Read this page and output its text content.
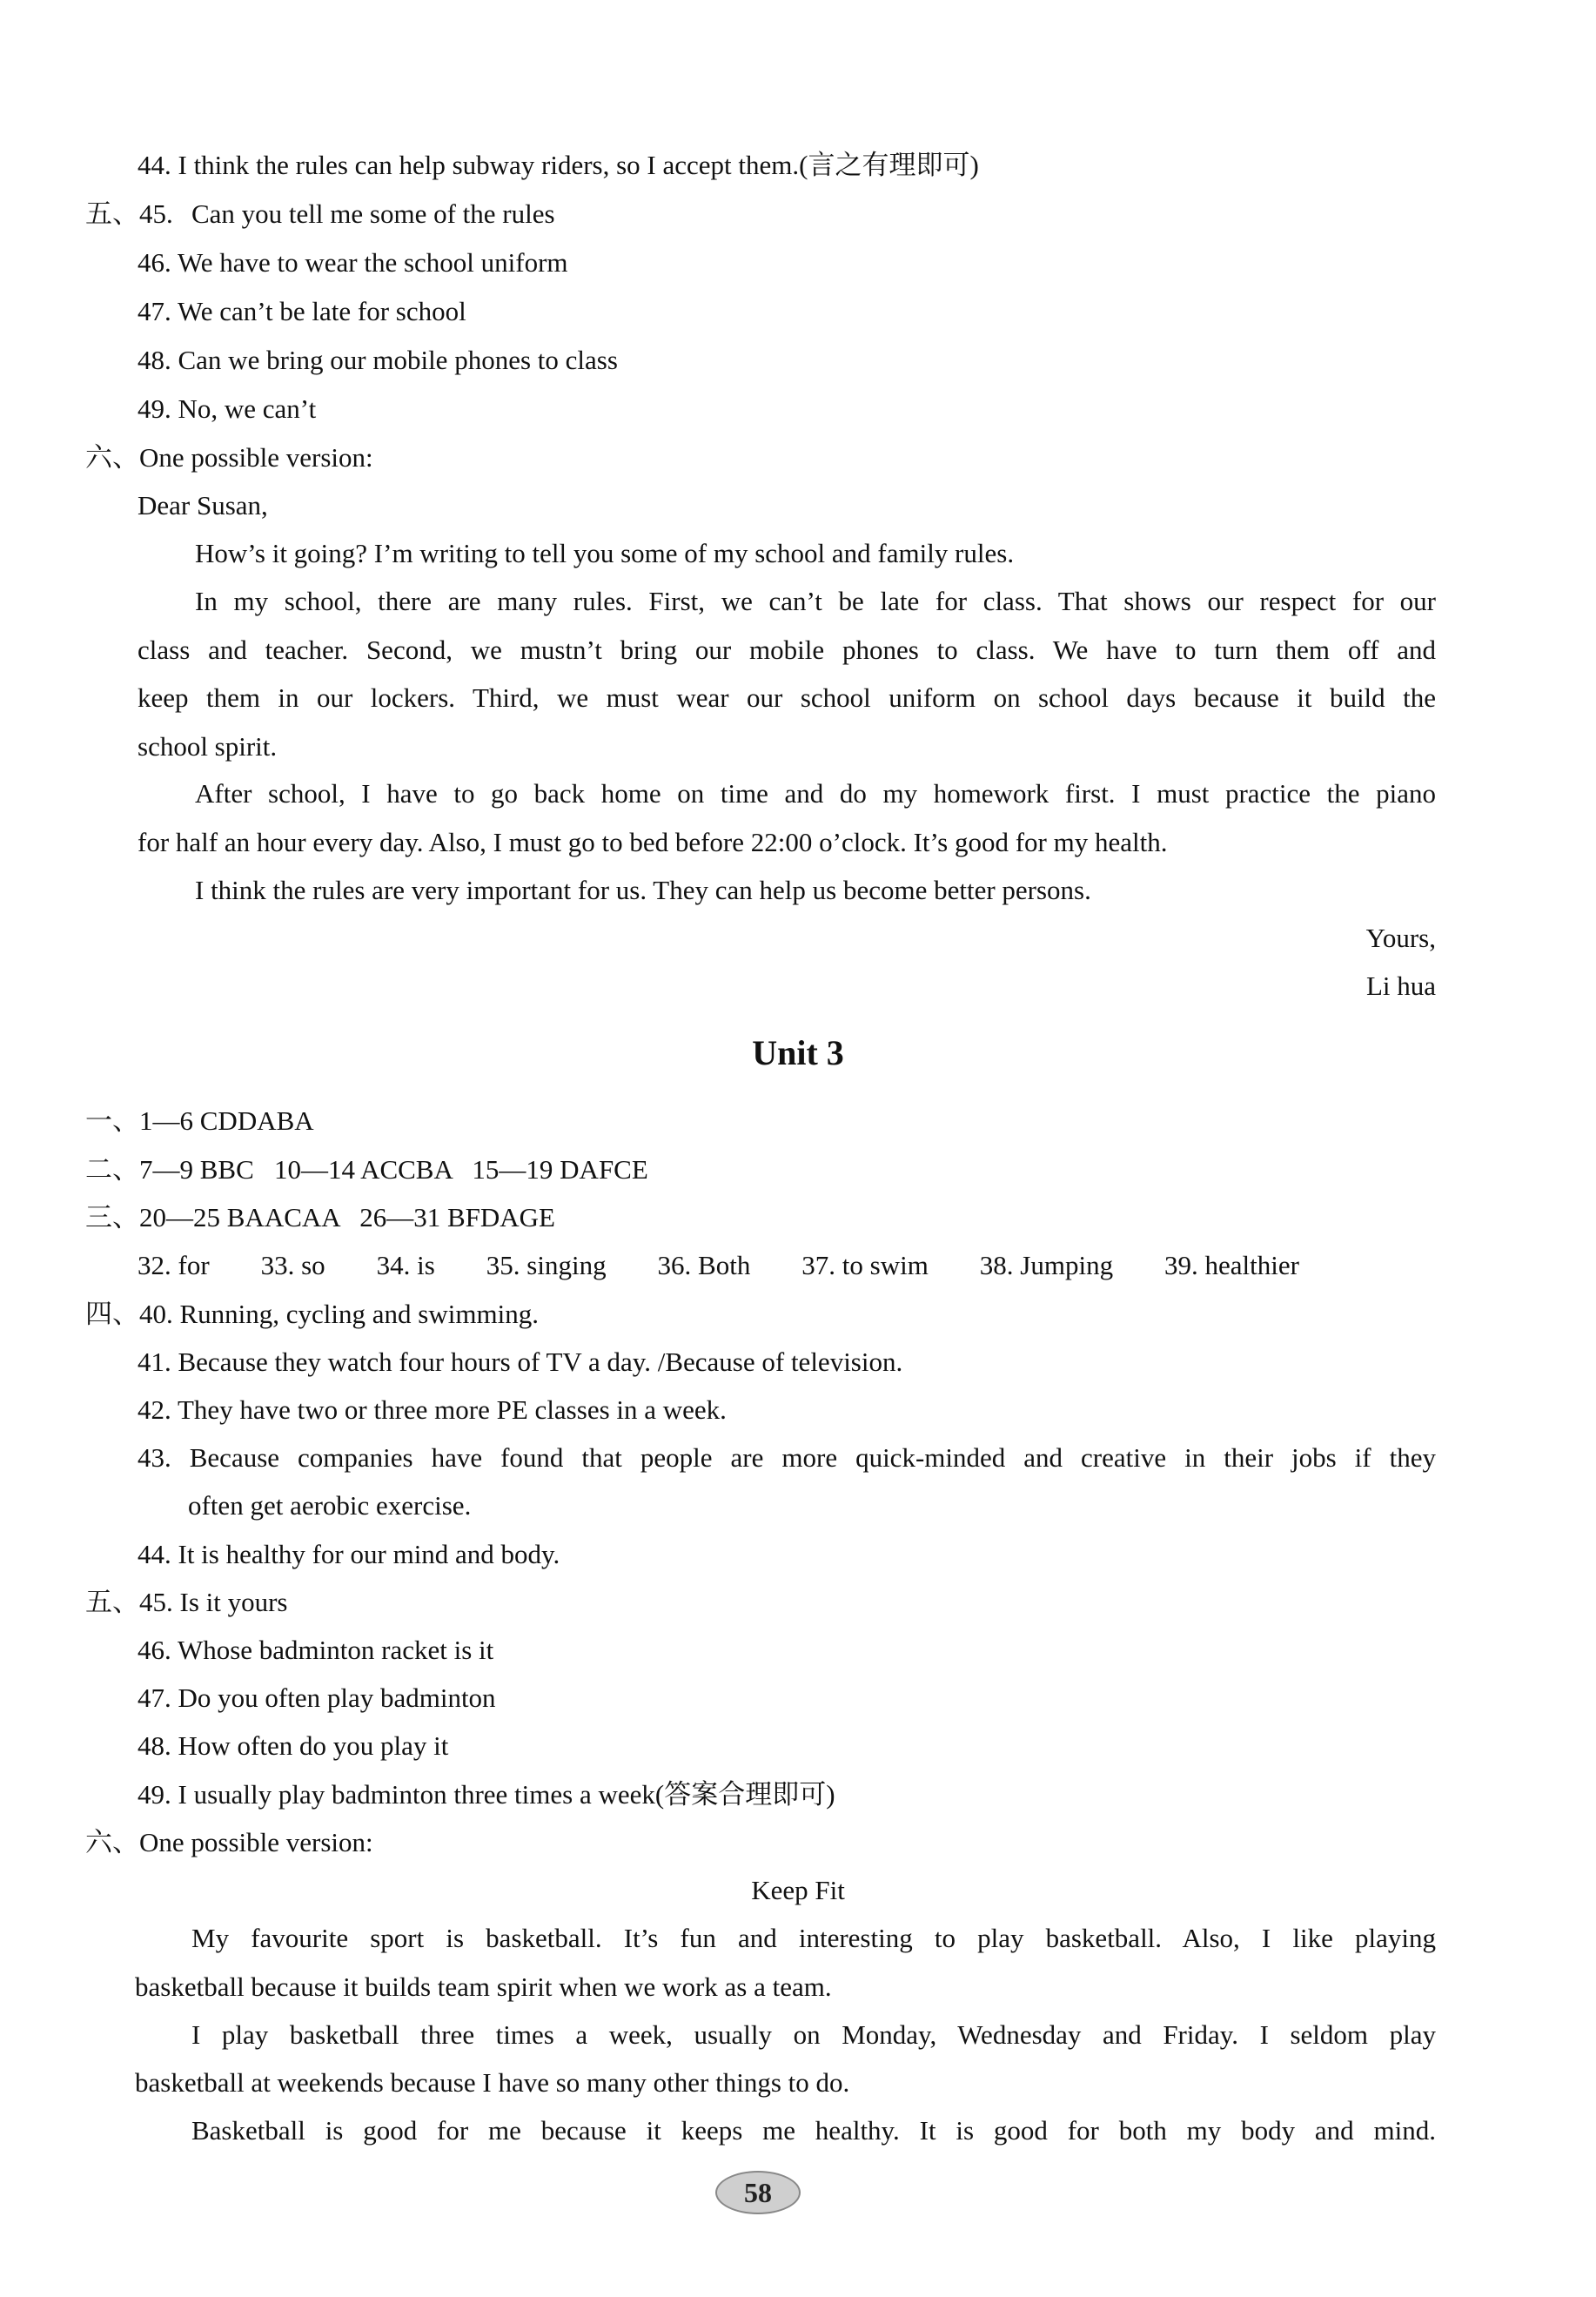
44. I think the rules can help subway riders, so I accept them.(言之有理即可)
五、45. Can you tell me some of the rules
46. We have to wear the school uniform
47. We can’t be late for school
48. Can we bring our mobile phones to class
49. No, we can’t
六、One possible version:
Dear Susan,
How’s it going? I’m writing to tell you some of my school and family rules.
In my school, there are many rules. First, we can’t be late for class. That shows our respect for our
class and teacher. Second, we mustn’t bring our mobile phones to class. We have to turn them off and
keep them in our lockers. Third, we must wear our school uniform on school days because it build the
school spirit.
After school, I have to go back home on time and do my homework first. I must practice the piano
for half an hour every day. Also, I must go to bed before 22:00 o’clock. It’s good for my health.
I think the rules are very important for us. They can help us become better persons.
Yours,
Li hua
Unit 3
一、1—6 CDDABA
二、7—9 BBC   10—14 ACCBA   15—19 DAFCE
三、20—25 BAACAA   26—31 BFDAGE
32. for 33. so 34. is 35. singing 36. Both 37. to swim 38. Jumping 39. healthier
四、40. Running, cycling and swimming.
41. Because they watch four hours of TV a day. /Because of television.
42. They have two or three more PE classes in a week.
43. Because companies have found that people are more quick-minded and creative in their jobs if they
often get aerobic exercise.
44. It is healthy for our mind and body.
五、45. Is it yours
46. Whose badminton racket is it
47. Do you often play badminton
48. How often do you play it
49. I usually play badminton three times a week(答案合理即可)
六、One possible version:
Keep Fit
My favourite sport is basketball. It’s fun and interesting to play basketball. Also, I like playing
basketball because it builds team spirit when we work as a team.
I play basketball three times a week, usually on Monday, Wednesday and Friday. I seldom play
basketball at weekends because I have so many other things to do.
Basketball is good for me because it keeps me healthy. It is good for both my body and mind.
58
